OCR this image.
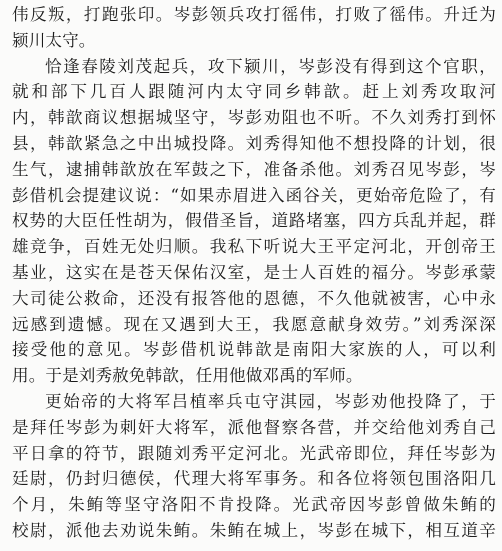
伟反叛，打跑张印。岑彭领兵攻打徭伟，打败了徭伟。升迁为
颍川太守。
恰逢春陵刘茂起兵，攻下颍川，岑彭没有得到这个官职，
就和部下几百人跟随河内太守同乡韩歆。赶上刘秀攻取河
内，韩歆商议想据城坚守，岑彭劝阻也不听。不久刘秀打到怀
县，韩歆紧急之中出城投降。刘秀得知他不想投降的计划，很
生气，逮捕韩歆放在军鼓之下，准备杀他。刘秀召见岑彭，岑
彭借机会提建议说：“如果赤眉进入函谷关，更始帝危险了，有
权势的大臣任性胡为，假借圣旨，道路堵塞，四方兵乱并起，群
雄竞争，百姓无处归顺。我私下听说大王平定河北，开创帝王
基业，这实在是苍天保佑汉室，是士人百姓的福分。岑彭承蒙
大司徒公救命，还没有报答他的恩德，不久他就被害，心中永
远感到遗憾。现在又遇到大王，我愿意献身效劳。”刘秀深深
接受他的意见。岑彭借机说韩歆是南阳大家族的人，可以利
用。于是刘秀赦免韩歆，任用他做邓禹的军师。
更始帝的大将军吕植率兵屯守淇园，岑彭劝他投降了，于
是拜任岑彭为刺奸大将军，派他督察各营，并交给他刘秀自己
平日拿的符节，跟随刘秀平定河北。光武帝即位，拜任岑彭为
廷尉，仍封归德侯，代理大将军事务。和各位将领包围洛阳几
个月，朱鲔等坚守洛阳不肯投降。光武帝因岑彭曾做朱鲔的
校尉，派他去劝说朱鲔。朱鲔在城上，岑彭在城下，相互道辛
